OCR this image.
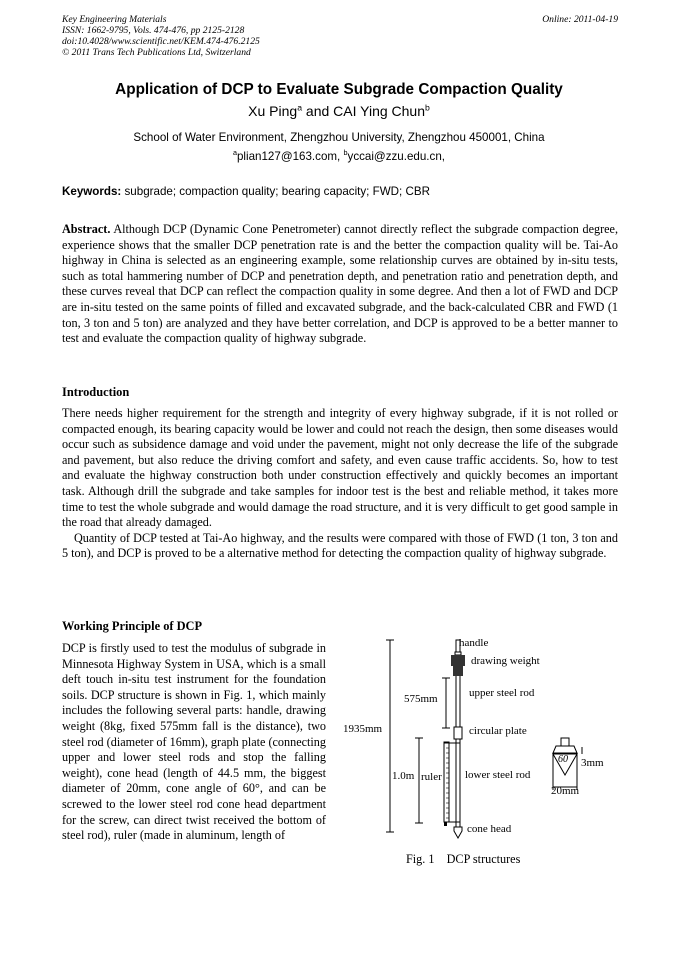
Key Engineering Materials
ISSN: 1662-9795, Vols. 474-476, pp 2125-2128
doi:10.4028/www.scientific.net/KEM.474-476.2125
© 2011 Trans Tech Publications Ltd, Switzerland
Online: 2011-04-19
Application of DCP to Evaluate Subgrade Compaction Quality
Xu Ping$^a$ and CAI Ying Chun$^b$
School of Water Environment, Zhengzhou University, Zhengzhou 450001, China
$^a$plian127@163.com, $^b$yccai@zzu.edu.cn,
Keywords: subgrade; compaction quality; bearing capacity; FWD; CBR
Abstract. Although DCP (Dynamic Cone Penetrometer) cannot directly reflect the subgrade compaction degree, experience shows that the smaller DCP penetration rate is and the better the compaction quality will be. Tai-Ao highway in China is selected as an engineering example, some relationship curves are obtained by in-situ tests, such as total hammering number of DCP and penetration depth, and penetration ratio and penetration depth, and these curves reveal that DCP can reflect the compaction quality in some degree. And then a lot of FWD and DCP are in-situ tested on the same points of filled and excavated subgrade, and the back-calculated CBR and FWD (1 ton, 3 ton and 5 ton) are analyzed and they have better correlation, and DCP is approved to be a better manner to test and evaluate the compaction quality of highway subgrade.
Introduction
There needs higher requirement for the strength and integrity of every highway subgrade, if it is not rolled or compacted enough, its bearing capacity would be lower and could not reach the design, then some diseases would occur such as subsidence damage and void under the pavement, might not only decrease the life of the subgrade and pavement, but also reduce the driving comfort and safety, and even cause traffic accidents. So, how to test and evaluate the highway construction both under construction effectively and quickly becomes an important task. Although drill the subgrade and take samples for indoor test is the best and reliable method, it takes more time to test the whole subgrade and would damage the road structure, and it is very difficult to get good sample in the road that already damaged.
Quantity of DCP tested at Tai-Ao highway, and the results were compared with those of FWD (1 ton, 3 ton and 5 ton), and DCP is proved to be a alternative method for detecting the compaction quality of highway subgrade.
Working Principle of DCP
DCP is firstly used to test the modulus of subgrade in Minnesota Highway System in USA, which is a small deft touch in-situ test instrument for the foundation soils. DCP structure is shown in Fig. 1, which mainly includes the following several parts: handle, drawing weight (8kg, fixed 575mm fall is the distance), two steel rod (diameter of 16mm), graph plate (connecting upper and lower steel rods and stop the falling weight), cone head (length of 44.5 mm, the biggest diameter of 20mm, cone angle of 60°, and can be screwed to the lower steel rod cone head department for the screw, can direct twist received the bottom of steel rod), ruler (made in aluminum, length of
handle
drawing weight
upper steel rod
575mm
1935mm	circular plate
1.0m ruler lower steel rod
cone head
60 3mm
20mm
Fig. 1    DCP structures
